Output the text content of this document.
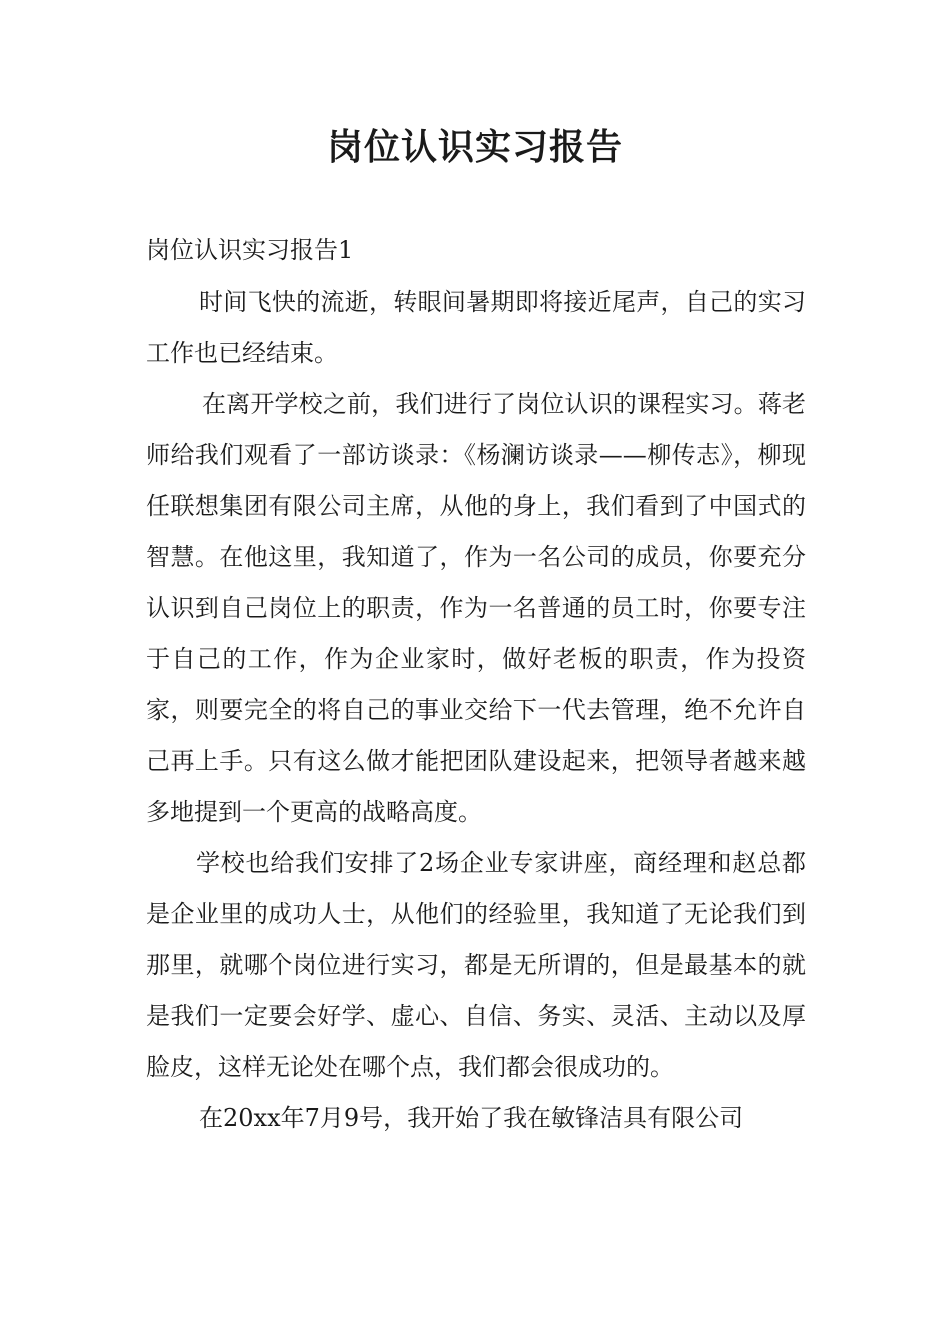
岗位认识实习报告

岗位认识实习报告1

时间飞快的流逝，转眼间暑期即将接近尾声，自己的实习工作也已经结束。

在离开学校之前，我们进行了岗位认识的课程实习。蒋老师给我们观看了一部访谈录：《杨澜访谈录——柳传志》，柳现任联想集团有限公司主席，从他的身上，我们看到了中国式的智慧。在他这里，我知道了，作为一名公司的成员，你要充分认识到自己岗位上的职责，作为一名普通的员工时，你要专注于自己的工作，作为企业家时，做好老板的职责，作为投资家，则要完全的将自己的事业交给下一代去管理，绝不允许自己再上手。只有这么做才能把团队建设起来，把领导者越来越多地提到一个更高的战略高度。

学校也给我们安排了2场企业专家讲座，商经理和赵总都是企业里的成功人士，从他们的经验里，我知道了无论我们到那里，就哪个岗位进行实习，都是无所谓的，但是最基本的就是我们一定要会好学、虚心、自信、务实、灵活、主动以及厚脸皮，这样无论处在哪个点，我们都会很成功的。

在20xx年7月9号，我开始了我在敏锋洁具有限公司
